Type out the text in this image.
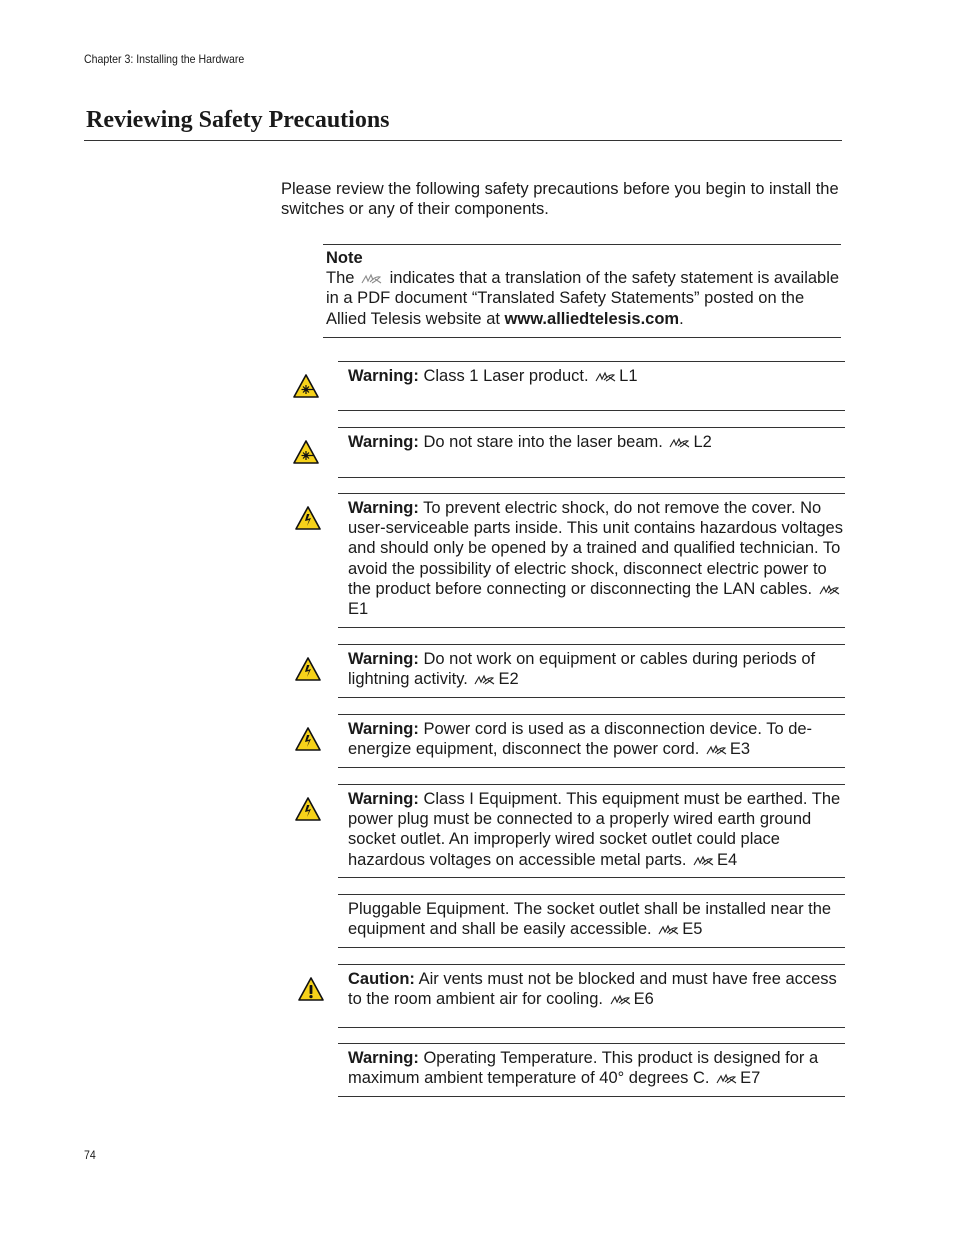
Chapter 3: Installing the Hardware
Reviewing Safety Precautions
Please review the following safety precautions before you begin to install the switches or any of their components.
Note
The indicates that a translation of the safety statement is available in a PDF document “Translated Safety Statements” posted on the Allied Telesis website at www.alliedtelesis.com.
Warning: Class 1 Laser product. L1
Warning: Do not stare into the laser beam. L2
Warning: To prevent electric shock, do not remove the cover. No user-serviceable parts inside. This unit contains hazardous voltages and should only be opened by a trained and qualified technician. To avoid the possibility of electric shock, disconnect electric power to the product before connecting or disconnecting the LAN cables.
E1
Warning: Do not work on equipment or cables during periods of lightning activity. E2
Warning: Power cord is used as a disconnection device. To de-energize equipment, disconnect the power cord. E3
Warning: Class I Equipment. This equipment must be earthed. The power plug must be connected to a properly wired earth ground socket outlet. An improperly wired socket outlet could place hazardous voltages on accessible metal parts. E4
Pluggable Equipment. The socket outlet shall be installed near the equipment and shall be easily accessible. E5
Caution: Air vents must not be blocked and must have free access to the room ambient air for cooling. E6
Warning: Operating Temperature. This product is designed for a maximum ambient temperature of 40° degrees C. E7
74
